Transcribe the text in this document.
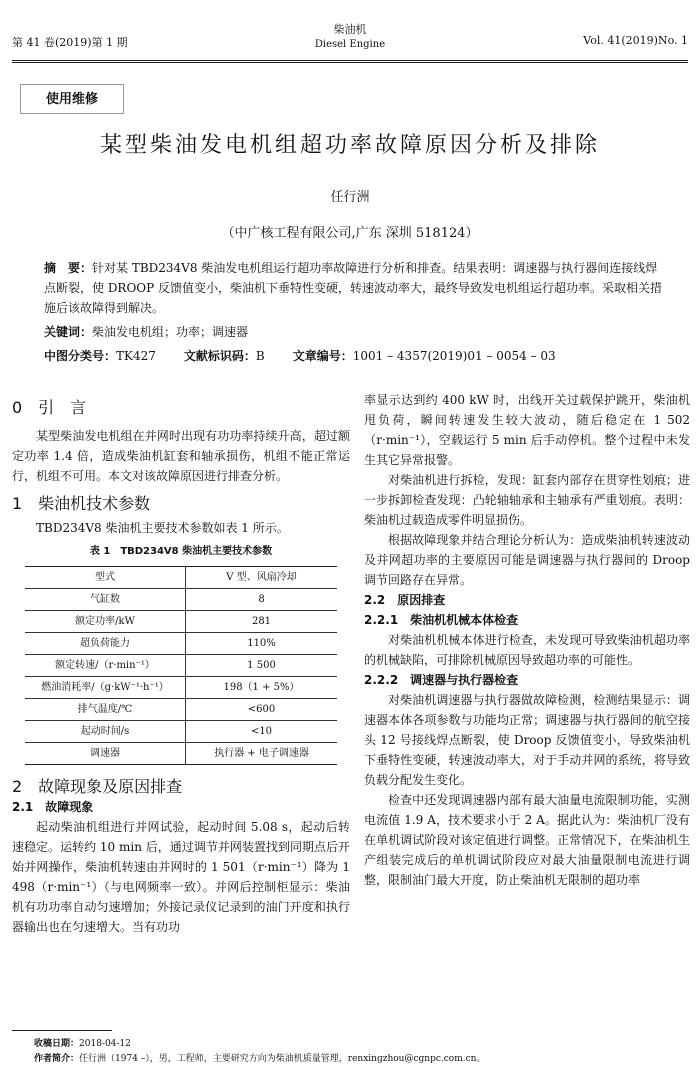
第 41 卷(2019)第 1 期
柴油机
Diesel Engine	Vol. 41(2019)No. 1
使用维修
某型柴油发电机组超功率故障原因分析及排除
任行洲
（中广核工程有限公司,广东 深圳 518124）
摘　要：针对某 TBD234V8 柴油发电机组运行超功率故障进行分析和排查。结果表明：调速器与执行器间连接线焊点断裂，使 DROOP 反馈值变小，柴油机下垂特性变硬，转速波动率大，最终导致发电机组运行超功率。采取相关措施后该故障得到解决。
关键词：柴油发电机组；功率；调速器
中图分类号：TK427 文献标识码：B 文章编号：1001 – 4357(2019)01 – 0054 – 03
0　引　言

某型柴油发电机组在并网时出现有功功率持续升高，超过额定功率 1.4 倍，造成柴油机缸套和轴承损伤，机组不能正常运行，机组不可用。本文对该故障原因进行排查分析。

1　柴油机技术参数

TBD234V8 柴油机主要技术参数如表 1 所示。

表 1　TBD234V8 柴油机主要技术参数
型式	V 型、风扇冷却
气缸数	8
额定功率/kW	281
超负荷能力	110%
额定转速/（r·min⁻¹）	1 500
燃油消耗率/（g·kW⁻¹·h⁻¹）	198（1 + 5%）
排气温度/℃	<600
起动时间/s	<10
调速器	执行器 + 电子调速器
2　故障现象及原因排查
2.1　故障现象

起动柴油机组进行并网试验，起动时间 5.08 s，起动后转速稳定。运转约 10 min 后，通过调节并网装置找到同期点后开始并网操作，柴油机转速由并网时的 1 501（r·min⁻¹）降为 1 498（r·min⁻¹）（与电网频率一致）。并网后控制柜显示：柴油机有功功率自动匀速增加；外接记录仪记录到的油门开度和执行器输出也在匀速增大。当有功功

率显示达到约 400 kW 时，出线开关过载保护跳开，柴油机甩负荷，瞬间转速发生较大波动，随后稳定在 1 502（r·min⁻¹），空载运行 5 min 后手动停机。整个过程中未发生其它异常报警。

对柴油机进行拆检，发现：缸套内部存在贯穿性划痕；进一步拆卸检查发现：凸轮轴轴承和主轴承有严重划痕。表明：柴油机过载造成零件明显损伤。

根据故障现象并结合理论分析认为：造成柴油机转速波动及并网超功率的主要原因可能是调速器与执行器间的 Droop 调节回路存在异常。

2.2　原因排查
2.2.1　柴油机机械本体检查

对柴油机机械本体进行检查，未发现可导致柴油机超功率的机械缺陷，可排除机械原因导致超功率的可能性。

2.2.2　调速器与执行器检查

对柴油机调速器与执行器做故障检测，检测结果显示：调速器本体各项参数与功能均正常；调速器与执行器间的航空接头 12 号接线焊点断裂，使 Droop 反馈值变小，导致柴油机下垂特性变硬，转速波动率大，对于手动并网的系统，将导致负载分配发生变化。

检查中还发现调速器内部有最大油量电流限制功能，实测电流值 1.9 A，技术要求小于 2 A。据此认为：柴油机厂没有在单机调试阶段对该定值进行调整。正常情况下，在柴油机生产组装完成后的单机调试阶段应对最大油量限制电流进行调整，限制油门最大开度，防止柴油机无限制的超功率

收稿日期：2018-04-12
作者简介：任行洲（1974 –），男，工程师，主要研究方向为柴油机质量管理，renxingzhou@cgnpc.com.cn。
